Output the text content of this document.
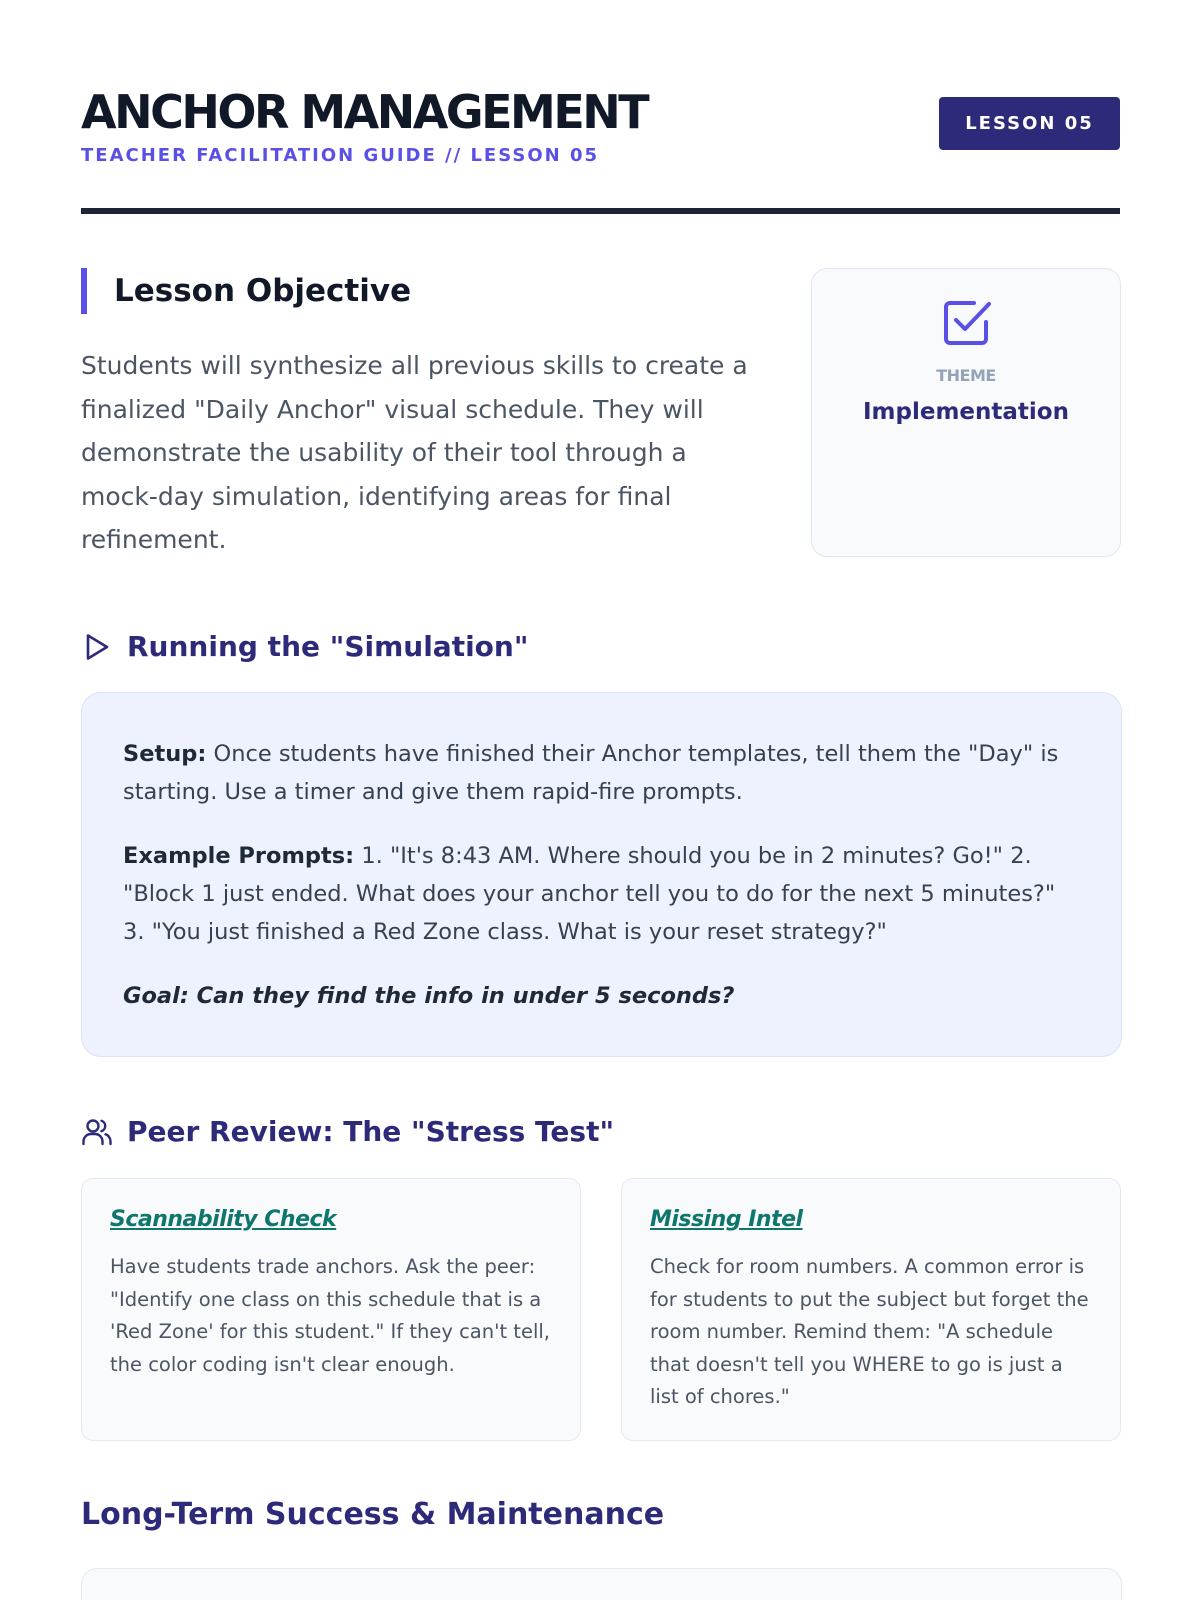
ANCHOR MANAGEMENT
TEACHER FACILITATION GUIDE // LESSON 05
LESSON 05
Lesson Objective

Students will synthesize all previous skills to create a finalized "Daily Anchor" visual schedule. They will demonstrate the usability of their tool through a mock-day simulation, identifying areas for final refinement.

THEME
Implementation
Running the "Simulation"

Setup: Once students have finished their Anchor templates, tell them the "Day" is starting. Use a timer and give them rapid-fire prompts.

Example Prompts: 1. "It's 8:43 AM. Where should you be in 2 minutes? Go!" 2. "Block 1 just ended. What does your anchor tell you to do for the next 5 minutes?" 3. "You just finished a Red Zone class. What is your reset strategy?"

Goal: Can they find the info in under 5 seconds?

Peer Review: The "Stress Test"
Scannability Check

Have students trade anchors. Ask the peer: "Identify one class on this schedule that is a 'Red Zone' for this student." If they can't tell, the color coding isn't clear enough.

Missing Intel

Check for room numbers. A common error is for students to put the subject but forget the room number. Remind them: "A schedule that doesn't tell you WHERE to go is just a list of chores."

Long-Term Success & Maintenance
